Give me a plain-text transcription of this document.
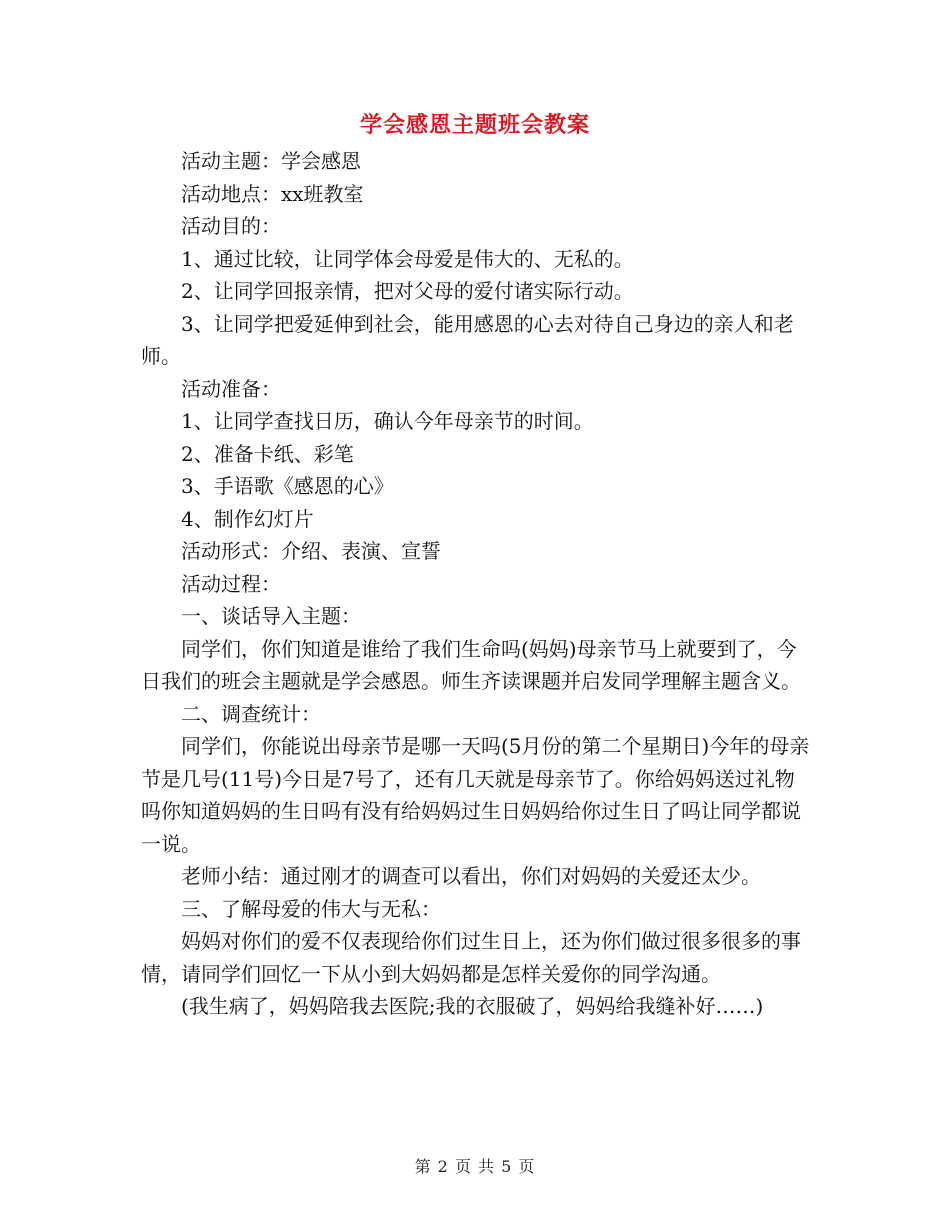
学会感恩主题班会教案

活动主题：学会感恩

活动地点：xx班教室

活动目的：

1、通过比较，让同学体会母爱是伟大的、无私的。

2、让同学回报亲情，把对父母的爱付诸实际行动。

3、让同学把爱延伸到社会，能用感恩的心去对待自己身边的亲人和老师。

活动准备：

1、让同学查找日历，确认今年母亲节的时间。

2、准备卡纸、彩笔

3、手语歌《感恩的心》

4、制作幻灯片

活动形式：介绍、表演、宣誓

活动过程：

一、谈话导入主题：

同学们，你们知道是谁给了我们生命吗(妈妈)母亲节马上就要到了，今日我们的班会主题就是学会感恩。师生齐读课题并启发同学理解主题含义。

二、调查统计：

同学们，你能说出母亲节是哪一天吗(5月份的第二个星期日)今年的母亲节是几号(11号)今日是7号了，还有几天就是母亲节了。你给妈妈送过礼物吗你知道妈妈的生日吗有没有给妈妈过生日妈妈给你过生日了吗让同学都说一说。

老师小结：通过刚才的调查可以看出，你们对妈妈的关爱还太少。

三、了解母爱的伟大与无私：

妈妈对你们的爱不仅表现给你们过生日上，还为你们做过很多很多的事情，请同学们回忆一下从小到大妈妈都是怎样关爱你的同学沟通。

(我生病了，妈妈陪我去医院;我的衣服破了，妈妈给我缝补好……)

第 2 页 共 5 页
